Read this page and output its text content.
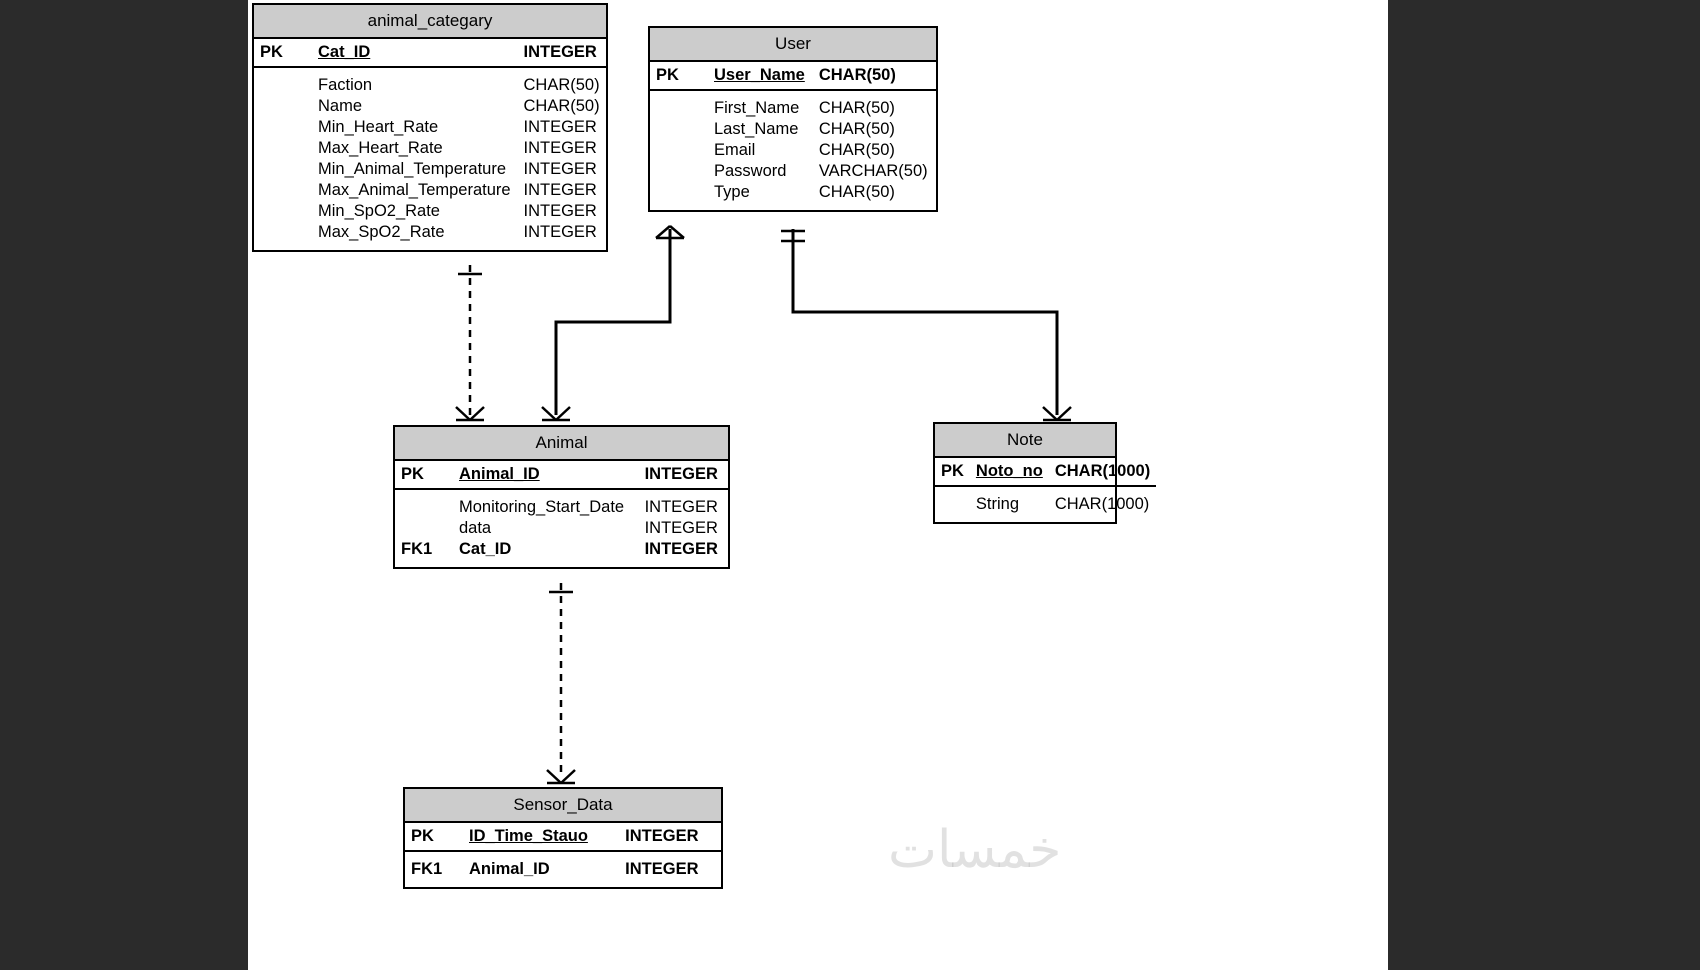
animal_categary
PK	Cat_ID	INTEGER
	Faction	CHAR(50)
	Name	CHAR(50)
	Min_Heart_Rate	INTEGER
	Max_Heart_Rate	INTEGER
	Min_Animal_Temperature	INTEGER
	Max_Animal_Temperature	INTEGER
	Min_SpO2_Rate	INTEGER
	Max_SpO2_Rate	INTEGER
User
PK	User_Name	CHAR(50)
	First_Name	CHAR(50)
	Last_Name	CHAR(50)
	Email	CHAR(50)
	Password	VARCHAR(50)
	Type	CHAR(50)
Animal
PK	Animal_ID	INTEGER
	Monitoring_Start_Date	INTEGER
	data	INTEGER
FK1	Cat_ID	INTEGER
Note
PK	Noto_no	CHAR(1000)
	String	CHAR(1000)
Sensor_Data
PK	ID_Time_Stauo	INTEGER
FK1	Animal_ID	INTEGER	خمسات
